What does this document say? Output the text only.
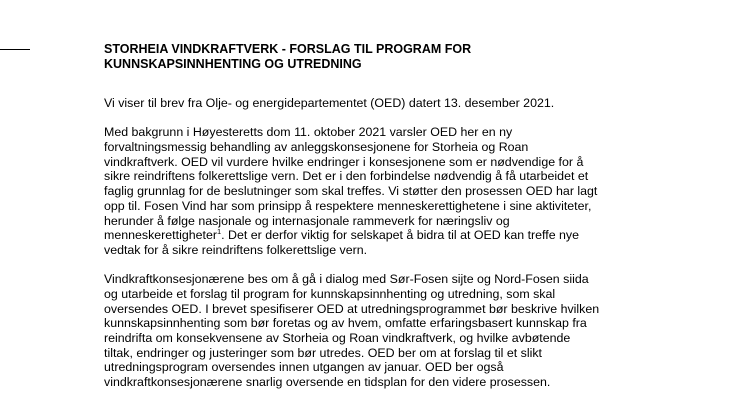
STORHEIA VINDKRAFTVERK - FORSLAG TIL PROGRAM FOR
KUNNSKAPSINNHENTING OG UTREDNING

Vi viser til brev fra Olje- og energidepartementet (OED) datert 13. desember 2021.

Med bakgrunn i Høyesteretts dom 11. oktober 2021 varsler OED her en ny
forvaltningsmessig behandling av anleggskonsesjonene for Storheia og Roan
vindkraftverk. OED vil vurdere hvilke endringer i konsesjonene som er nødvendige for å
sikre reindriftens folkerettslige vern. Det er i den forbindelse nødvendig å få utarbeidet et
faglig grunnlag for de beslutninger som skal treffes. Vi støtter den prosessen OED har lagt
opp til. Fosen Vind har som prinsipp å respektere menneskerettighetene i sine aktiviteter,
herunder å følge nasjonale og internasjonale rammeverk for næringsliv og
menneskerettigheter$^1$. Det er derfor viktig for selskapet å bidra til at OED kan treffe nye
vedtak for å sikre reindriftens folkerettslige vern.

Vindkraftkonsesjonærene bes om å gå i dialog med Sør-Fosen sijte og Nord-Fosen siida
og utarbeide et forslag til program for kunnskapsinnhenting og utredning, som skal
oversendes OED. I brevet spesifiserer OED at utredningsprogrammet bør beskrive hvilken
kunnskapsinnhenting som bør foretas og av hvem, omfatte erfaringsbasert kunnskap fra
reindrifta om konsekvensene av Storheia og Roan vindkraftverk, og hvilke avbøtende
tiltak, endringer og justeringer som bør utredes. OED ber om at forslag til et slikt
utredningsprogram oversendes innen utgangen av januar. OED ber også
vindkraftkonsesjonærene snarlig oversende en tidsplan for den videre prosessen.
